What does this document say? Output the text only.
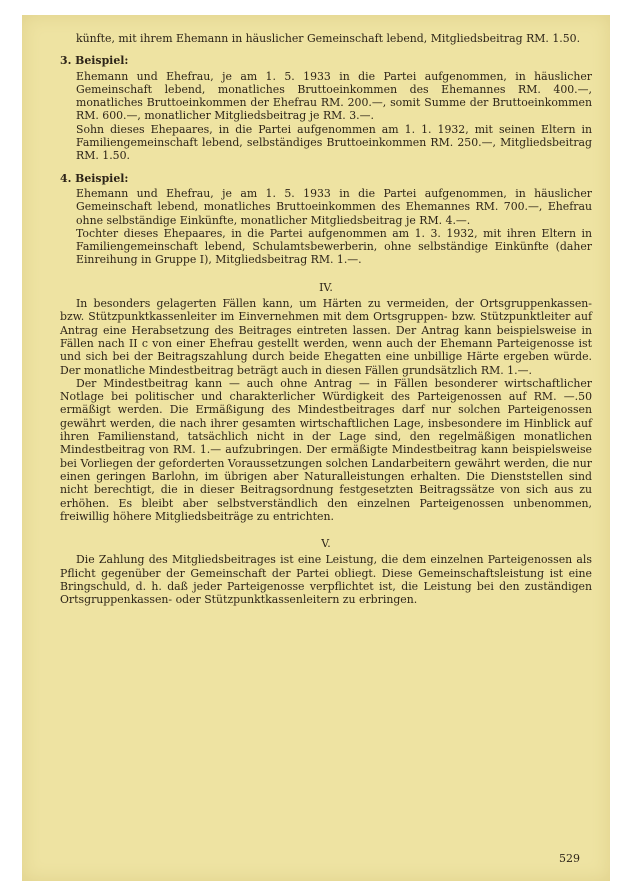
künfte, mit ihrem Ehemann in häuslicher Gemeinschaft lebend, Mitgliedsbeitrag RM. 1.50.

3. Beispiel:

Ehemann und Ehefrau, je am 1. 5. 1933 in die Partei aufgenommen, in häuslicher Gemeinschaft lebend, monatliches Bruttoeinkommen des Ehemannes RM. 400.—, monatliches Bruttoeinkommen der Ehefrau RM. 200.—, somit Summe der Bruttoeinkommen RM. 600.—, monatlicher Mitgliedsbeitrag je RM. 3.—.

Sohn dieses Ehepaares, in die Partei aufgenommen am 1. 1. 1932, mit seinen Eltern in Familiengemeinschaft lebend, selbständiges Bruttoeinkommen RM. 250.—, Mitgliedsbeitrag RM. 1.50.

4. Beispiel:

Ehemann und Ehefrau, je am 1. 5. 1933 in die Partei aufgenommen, in häuslicher Gemeinschaft lebend, monatliches Bruttoeinkommen des Ehemannes RM. 700.—, Ehefrau ohne selbständige Einkünfte, monatlicher Mitgliedsbeitrag je RM. 4.—.

Tochter dieses Ehepaares, in die Partei aufgenommen am 1. 3. 1932, mit ihren Eltern in Familiengemeinschaft lebend, Schulamtsbewerberin, ohne selbständige Einkünfte (daher Einreihung in Gruppe I), Mitgliedsbeitrag RM. 1.—.

IV.

In besonders gelagerten Fällen kann, um Härten zu vermeiden, der Ortsgruppenkassen- bzw. Stützpunktkassenleiter im Einvernehmen mit dem Ortsgruppen- bzw. Stützpunktleiter auf Antrag eine Herabsetzung des Beitrages eintreten lassen. Der Antrag kann beispielsweise in Fällen nach II c von einer Ehefrau gestellt werden, wenn auch der Ehemann Parteigenosse ist und sich bei der Beitragszahlung durch beide Ehegatten eine unbillige Härte ergeben würde. Der monatliche Mindestbeitrag beträgt auch in diesen Fällen grundsätzlich RM. 1.—.

Der Mindestbeitrag kann — auch ohne Antrag — in Fällen besonderer wirtschaftlicher Notlage bei politischer und charakterlicher Würdigkeit des Parteigenossen auf RM. —.50 ermäßigt werden. Die Ermäßigung des Mindestbeitrages darf nur solchen Parteigenossen gewährt werden, die nach ihrer gesamten wirtschaftlichen Lage, insbesondere im Hinblick auf ihren Familienstand, tatsächlich nicht in der Lage sind, den regelmäßigen monatlichen Mindestbeitrag von RM. 1.— aufzubringen. Der ermäßigte Mindestbeitrag kann beispielsweise bei Vorliegen der geforderten Voraussetzungen solchen Landarbeitern gewährt werden, die nur einen geringen Barlohn, im übrigen aber Naturalleistungen erhalten. Die Dienststellen sind nicht berechtigt, die in dieser Beitragsordnung festgesetzten Beitragssätze von sich aus zu erhöhen. Es bleibt aber selbstverständlich den einzelnen Parteigenossen unbenommen, freiwillig höhere Mitgliedsbeiträge zu entrichten.

V.

Die Zahlung des Mitgliedsbeitrages ist eine Leistung, die dem einzelnen Parteigenossen als Pflicht gegenüber der Gemeinschaft der Partei obliegt. Diese Gemeinschaftsleistung ist eine Bringschuld, d. h. daß jeder Parteigenosse verpflichtet ist, die Leistung bei den zuständigen Ortsgruppenkassen- oder Stützpunktkassenleitern zu erbringen.

529
